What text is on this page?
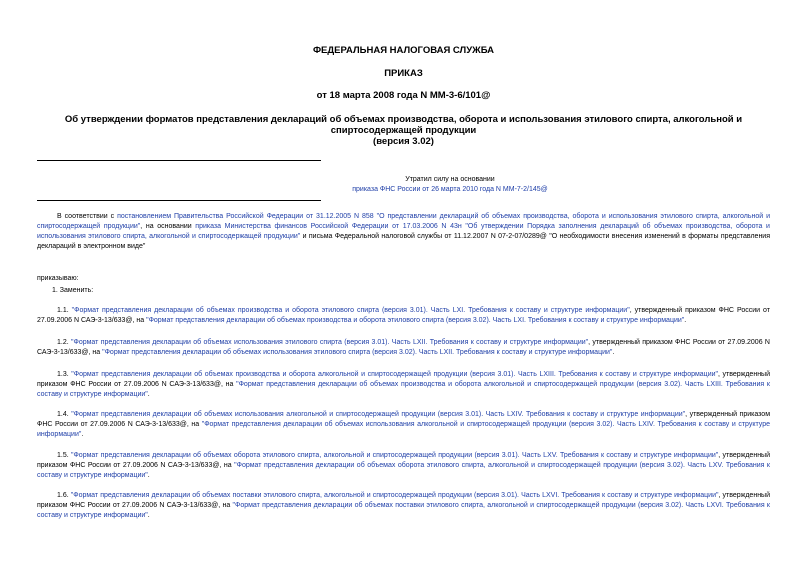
ФЕДЕРАЛЬНАЯ НАЛОГОВАЯ СЛУЖБА
ПРИКАЗ
от 18 марта 2008 года N ММ-3-6/101@
Об утверждении форматов представления деклараций об объемах производства, оборота и использования этилового спирта, алкогольной и спиртосодержащей продукции
(версия 3.02)
Утратил силу на основании
приказа ФНС России от 26 марта 2010 года N ММ-7-2/145@
В соответствии с постановлением Правительства Российской Федерации от 31.12.2005 N 858 "О представлении деклараций об объемах производства, оборота и использования этилового спирта, алкогольной и спиртосодержащей продукции", на основании приказа Министерства финансов Российской Федерации от 17.03.2006 N 43н "Об утверждении Порядка заполнения деклараций об объемах производства, оборота и использования этилового спирта, алкогольной и спиртосодержащей продукции" и письма Федеральной налоговой службы от 11.12.2007 N 07-2-07/0289@ "О необходимости внесения изменений в форматы представления деклараций в электронном виде"
приказываю:
1. Заменить:
1.1. "Формат представления декларации об объемах производства и оборота этилового спирта (версия 3.01). Часть LXI. Требования к составу и структуре информации", утвержденный приказом ФНС России от 27.09.2006 N САЭ-3-13/633@, на "Формат представления декларации об объемах производства и оборота этилового спирта (версия 3.02). Часть LXI. Требования к составу и структуре информации".
1.2. "Формат представления декларации об объемах использования этилового спирта (версия 3.01). Часть LXII. Требования к составу и структуре информации", утвержденный приказом ФНС России от 27.09.2006 N САЭ-3-13/633@, на "Формат представления декларации об объемах использования этилового спирта (версия 3.02). Часть LXII. Требования к составу и структуре информации".
1.3. "Формат представления декларации об объемах производства и оборота алкогольной и спиртосодержащей продукции (версия 3.01). Часть LXIII. Требования к составу и структуре информации", утвержденный приказом ФНС России от 27.09.2006 N САЭ-3-13/633@, на "Формат представления декларации об объемах производства и оборота алкогольной и спиртосодержащей продукции (версия 3.02). Часть LXIII. Требования к составу и структуре информации".
1.4. "Формат представления декларации об объемах использования алкогольной и спиртосодержащей продукции (версия 3.01). Часть LXIV. Требования к составу и структуре информации", утвержденный приказом ФНС России от 27.09.2006 N САЭ-3-13/633@, на "Формат представления декларации об объемах использования алкогольной и спиртосодержащей продукции (версия 3.02). Часть LXIV. Требования к составу и структуре информации".
1.5. "Формат представления декларации об объемах оборота этилового спирта, алкогольной и спиртосодержащей продукции (версия 3.01). Часть LXV. Требования к составу и структуре информации", утвержденный приказом ФНС России от 27.09.2006 N САЭ-3-13/633@, на "Формат представления декларации об объемах оборота этилового спирта, алкогольной и спиртосодержащей продукции (версия 3.02). Часть LXV. Требования к составу и структуре информации".
1.6. "Формат представления декларации об объемах поставки этилового спирта, алкогольной и спиртосодержащей продукции (версия 3.01). Часть LXVI. Требования к составу и структуре информации", утвержденный приказом ФНС России от 27.09.2006 N САЭ-3-13/633@, на "Формат представления декларации об объемах поставки этилового спирта, алкогольной и спиртосодержащей продукции (версия 3.02). Часть LXVI. Требования к составу и структуре информации".
